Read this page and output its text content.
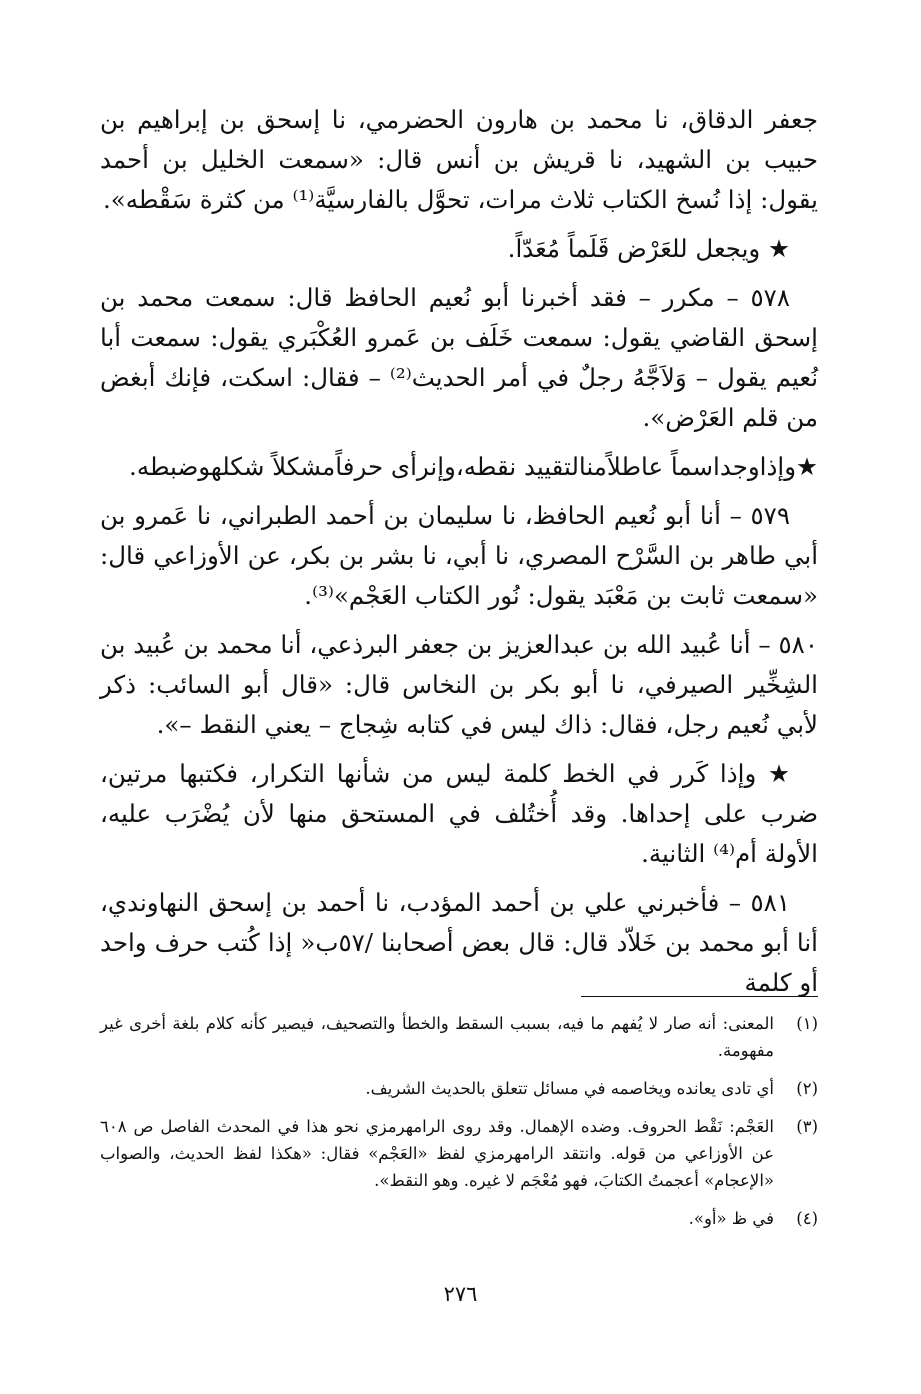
جعفر الدقاق، نا محمد بن هارون الحضرمي، نا إسحق بن إبراهيم بن حبيب بن الشهيد، نا قريش بن أنس قال: «سمعت الخليل بن أحمد يقول: إذا نُسخ الكتاب ثلاث مرات، تحوَّل بالفارسيَّة⁽¹⁾ من كثرة سَقْطه».

★ ويجعل للعَرْض قَلَماً مُعَدّاً.

٥٧٨ – مكرر – فقد أخبرنا أبو نُعيم الحافظ قال: سمعت محمد بن إسحق القاضي يقول: سمعت خَلَف بن عَمرو العُكْبَري يقول: سمعت أبا نُعيم يقول – وَلاَجَّهُ رجلٌ في أمر الحديث⁽²⁾ – فقال: اسكت، فإنك أبغض من قلم العَرْض».

★وإذاوجداسماً عاطلاًمنالتقييد نقطه،وإنرأى حرفاًمشكلاً شكلهوضبطه.

٥٧٩ – أنا أبو نُعيم الحافظ، نا سليمان بن أحمد الطبراني، نا عَمرو بن أبي طاهر بن السَّرْح المصري، نا أبي، نا بشر بن بكر، عن الأوزاعي قال: «سمعت ثابت بن مَعْبَد يقول: نُور الكتاب العَجْم»⁽³⁾.

٥٨٠ – أنا عُبيد الله بن عبدالعزيز بن جعفر البرذعي، أنا محمد بن عُبيد بن الشِخِّير الصيرفي، نا أبو بكر بن النخاس قال: «قال أبو السائب: ذكر لأبي نُعيم رجل، فقال: ذاك ليس في كتابه شِجاج – يعني النقط –».

★ وإذا كَرر في الخط كلمة ليس من شأنها التكرار، فكتبها مرتين، ضرب على إحداها. وقد أُختُلف في المستحق منها لأن يُضْرَب عليه، الأولة أم⁽⁴⁾ الثانية.

٥٨١ – فأخبرني علي بن أحمد المؤدب، نا أحمد بن إسحق النهاوندي، أنا أبو محمد بن خَلاّد قال: قال بعض أصحابنا /٥٧ب« إذا كُتب حرف واحد أو كلمة

(١)
المعنى: أنه صار لا يُفهم ما فيه، بسبب السقط والخطأ والتصحيف، فيصير كأنه كلام بلغة أخرى غير مفهومة.
(٢)
أي تادى يعانده ويخاصمه في مسائل تتعلق بالحديث الشريف.
(٣)
العَجْم: نَقْط الحروف. وضده الإهمال. وقد روى الرامهرمزي نحو هذا في المحدث الفاصل ص ٦٠٨ عن الأوزاعي من قوله. وانتقد الرامهرمزي لفظ «العَجْم» فقال: «هكذا لفظ الحديث، والصواب «الإعجام» أعجمتُ الكتابَ، فهو مُعْجَم لا غيره. وهو النقط».
(٤)
في ظ «أو».
٢٧٦
